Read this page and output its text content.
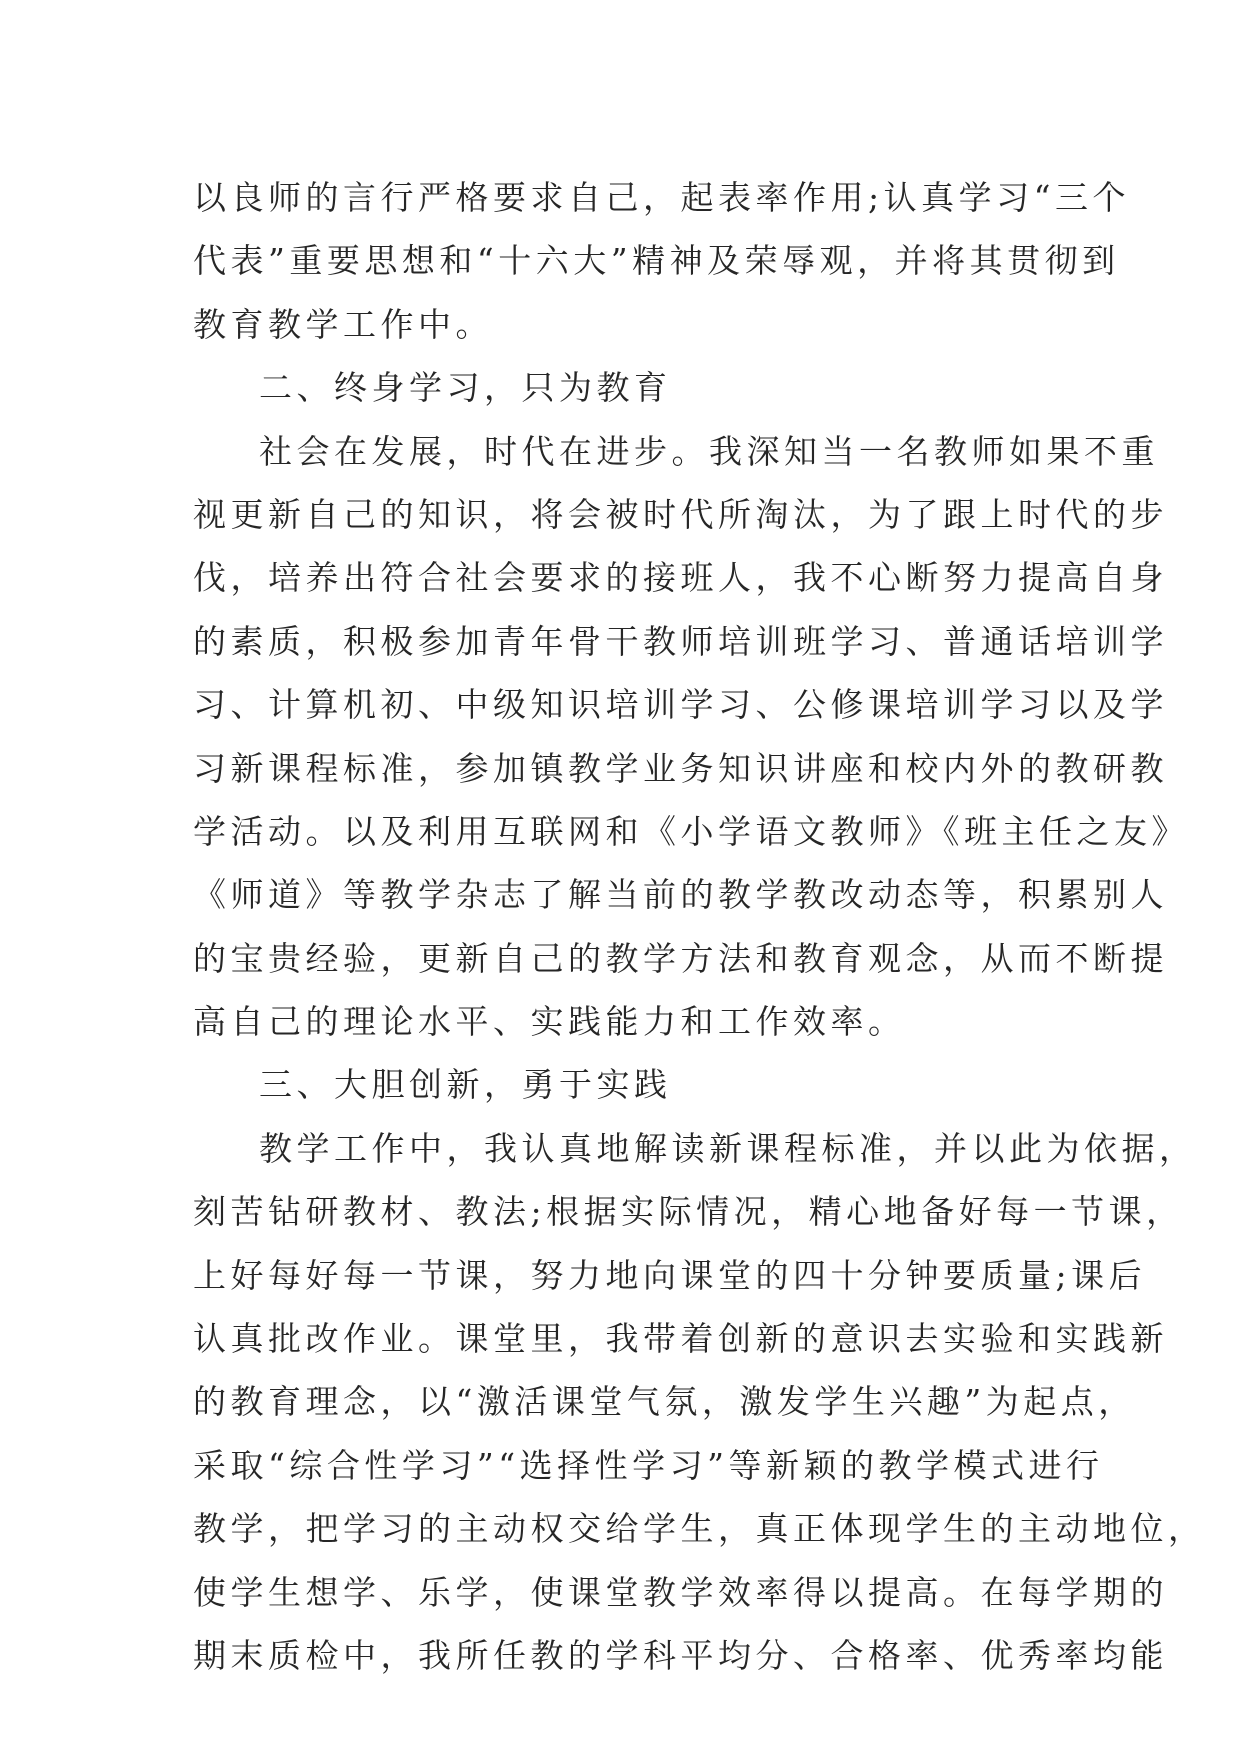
以良师的言行严格要求自己，起表率作用;认真学习“三个
代表”重要思想和“十六大”精神及荣辱观，并将其贯彻到
教育教学工作中。
二、终身学习，只为教育
社会在发展，时代在进步。我深知当一名教师如果不重
视更新自己的知识，将会被时代所淘汰，为了跟上时代的步
伐，培养出符合社会要求的接班人，我不心断努力提高自身
的素质，积极参加青年骨干教师培训班学习、普通话培训学
习、计算机初、中级知识培训学习、公修课培训学习以及学
习新课程标准，参加镇教学业务知识讲座和校内外的教研教
学活动。以及利用互联网和《小学语文教师》《班主任之友》
《师道》等教学杂志了解当前的教学教改动态等，积累别人
的宝贵经验，更新自己的教学方法和教育观念，从而不断提
高自己的理论水平、实践能力和工作效率。
三、大胆创新，勇于实践
教学工作中，我认真地解读新课程标准，并以此为依据，
刻苦钻研教材、教法;根据实际情况，精心地备好每一节课，
上好每好每一节课，努力地向课堂的四十分钟要质量;课后
认真批改作业。课堂里，我带着创新的意识去实验和实践新
的教育理念，以“激活课堂气氛，激发学生兴趣”为起点，
采取“综合性学习”“选择性学习”等新颖的教学模式进行
教学，把学习的主动权交给学生，真正体现学生的主动地位，
使学生想学、乐学，使课堂教学效率得以提高。在每学期的
期末质检中，我所任教的学科平均分、合格率、优秀率均能
